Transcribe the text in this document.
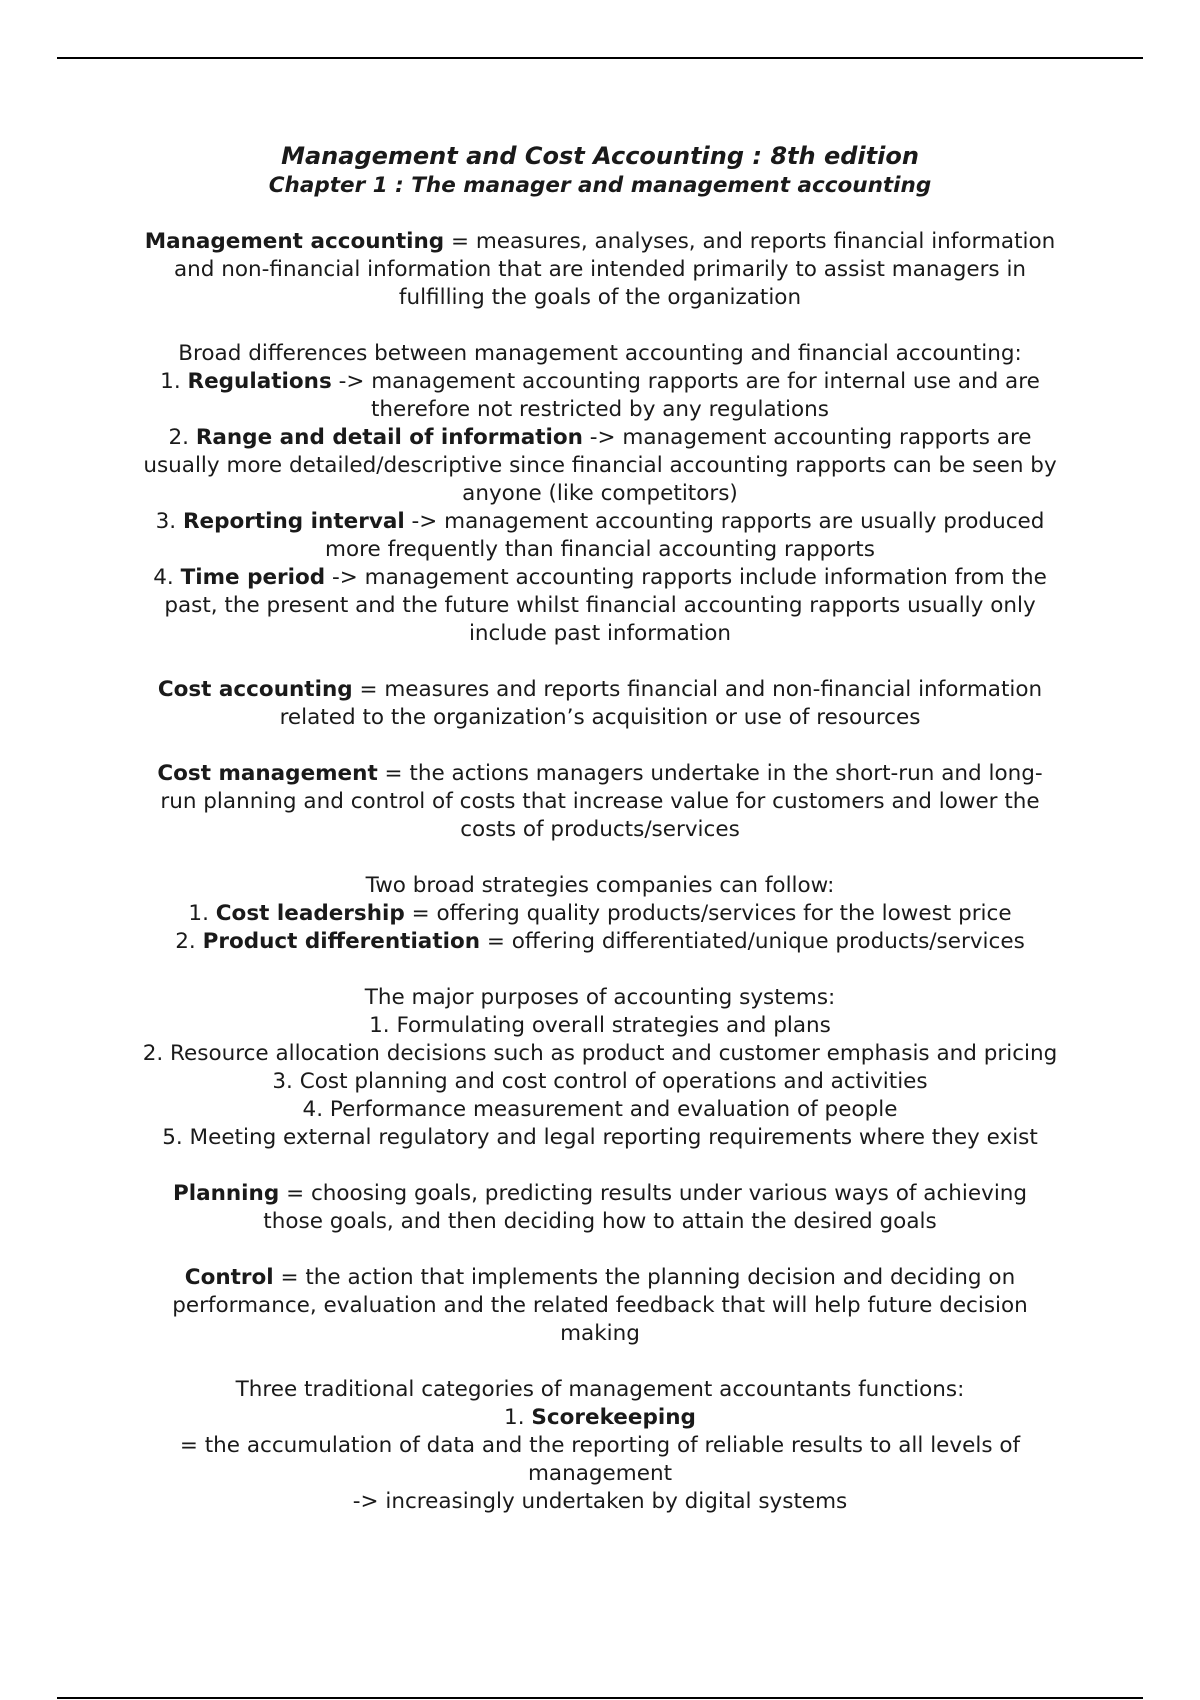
Management and Cost Accounting : 8th edition

Chapter 1 : The manager and management accounting

Management accounting = measures, analyses, and reports financial information and non-financial information that are intended primarily to assist managers in fulfilling the goals of the organization

Broad differences between management accounting and financial accounting:

1. Regulations -> management accounting rapports are for internal use and are therefore not restricted by any regulations

2. Range and detail of information -> management accounting rapports are usually more detailed/descriptive since financial accounting rapports can be seen by anyone (like competitors)

3. Reporting interval -> management accounting rapports are usually produced more frequently than financial accounting rapports

4. Time period -> management accounting rapports include information from the past, the present and the future whilst financial accounting rapports usually only include past information

Cost accounting = measures and reports financial and non-financial information related to the organization’s acquisition or use of resources

Cost management = the actions managers undertake in the short-run and long-run planning and control of costs that increase value for customers and lower the costs of products/services

Two broad strategies companies can follow:

1. Cost leadership = offering quality products/services for the lowest price

2. Product differentiation = offering differentiated/unique products/services

The major purposes of accounting systems:

1. Formulating overall strategies and plans

2. Resource allocation decisions such as product and customer emphasis and pricing

3. Cost planning and cost control of operations and activities

4. Performance measurement and evaluation of people

5. Meeting external regulatory and legal reporting requirements where they exist

Planning = choosing goals, predicting results under various ways of achieving those goals, and then deciding how to attain the desired goals

Control = the action that implements the planning decision and deciding on performance, evaluation and the related feedback that will help future decision making

Three traditional categories of management accountants functions:

1. Scorekeeping

= the accumulation of data and the reporting of reliable results to all levels of management

-> increasingly undertaken by digital systems
